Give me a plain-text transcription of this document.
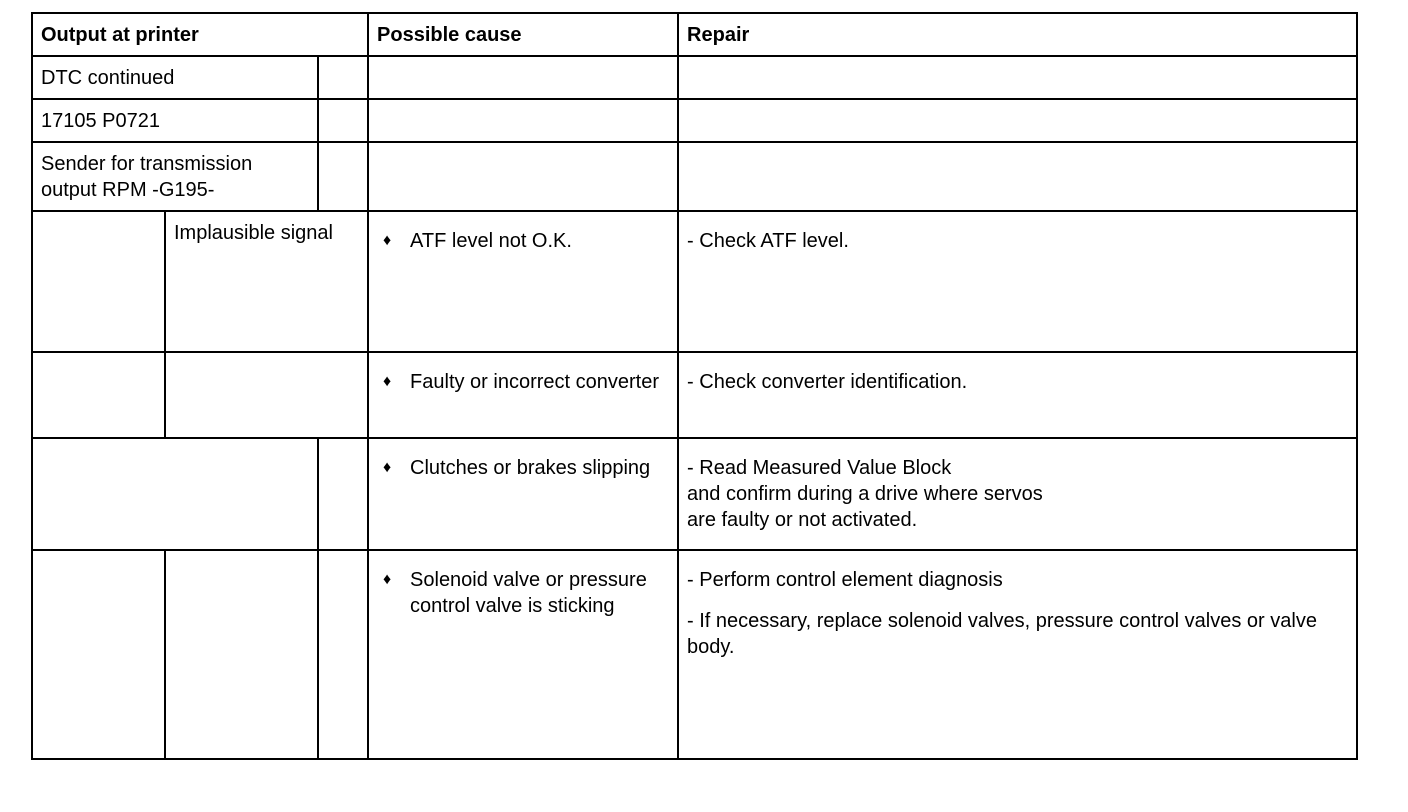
Output at printer			Possible cause	Repair
DTC continued				
17105 P0721				
Sender for transmission output RPM -G195-				
	Implausible signal		♦ ATF level not O.K.	- Check ATF level.

			♦ Faulty or incorrect converter	- Check converter identification.

			♦ Clutches or brakes slipping	- Read Measured Value Block
and confirm during a drive where servos
are faulty or not activated.

			♦ Solenoid valve or pressure control valve is sticking	- Perform control element diagnosis
- If necessary, replace solenoid valves, pressure control valves or valve body.
